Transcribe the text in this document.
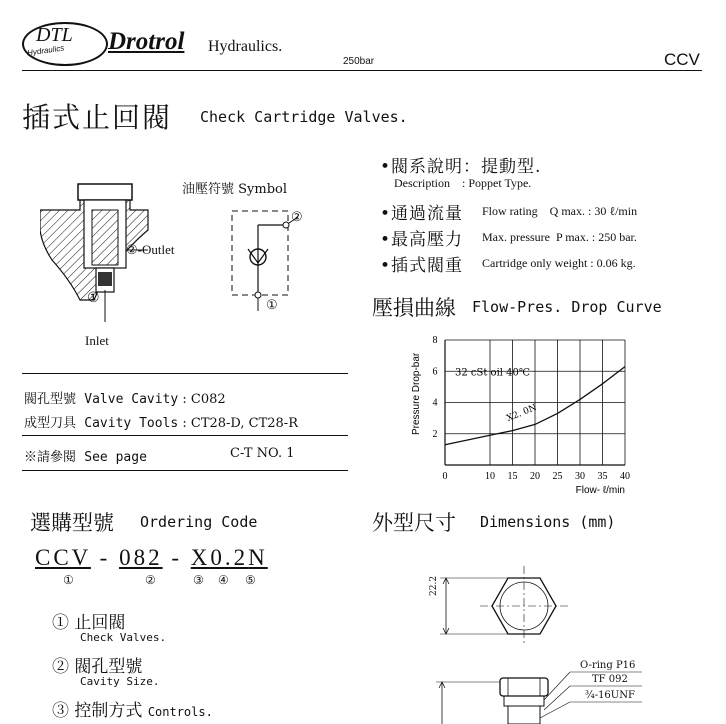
DTL
Hydraulics Drotrol Hydraulics.
250bar	CCV
插式止回閥 Check Cartridge Valves.
①
Inlet
②-Outlet
油壓符號 Symbol
②
①
•閥系說明：提動型.
Description : Poppet Type.
•通過流量 Flow rating Q max. : 30 ℓ/min
•最高壓力 Max. pressure P max. : 250 bar.
•插式閥重 Cartridge only weight : 0.06 kg.
閥孔型號 Valve Cavity : C082
成型刀具 Cavity Tools : CT28-D, CT28-R
※請參閱 See page	C-T NO. 1
壓損曲線 Flow-Pres. Drop Curve
0	10 15 20 25 30 35 40
2
4
6
8
32 cSt oil 40℃
X2. 0N
Pressure Drop-bar
Flow- ℓ/min
選購型號 Ordering Code
CCV - 082 - X0.2N
①	②	③ ④ ⑤
① 止回閥
Check Valves.
② 閥孔型號
Cavity Size.
③ 控制方式 Controls.
外型尺寸 Dimensions (mm)
22.2
O-ring P16
TF 092
¾-16UNF
